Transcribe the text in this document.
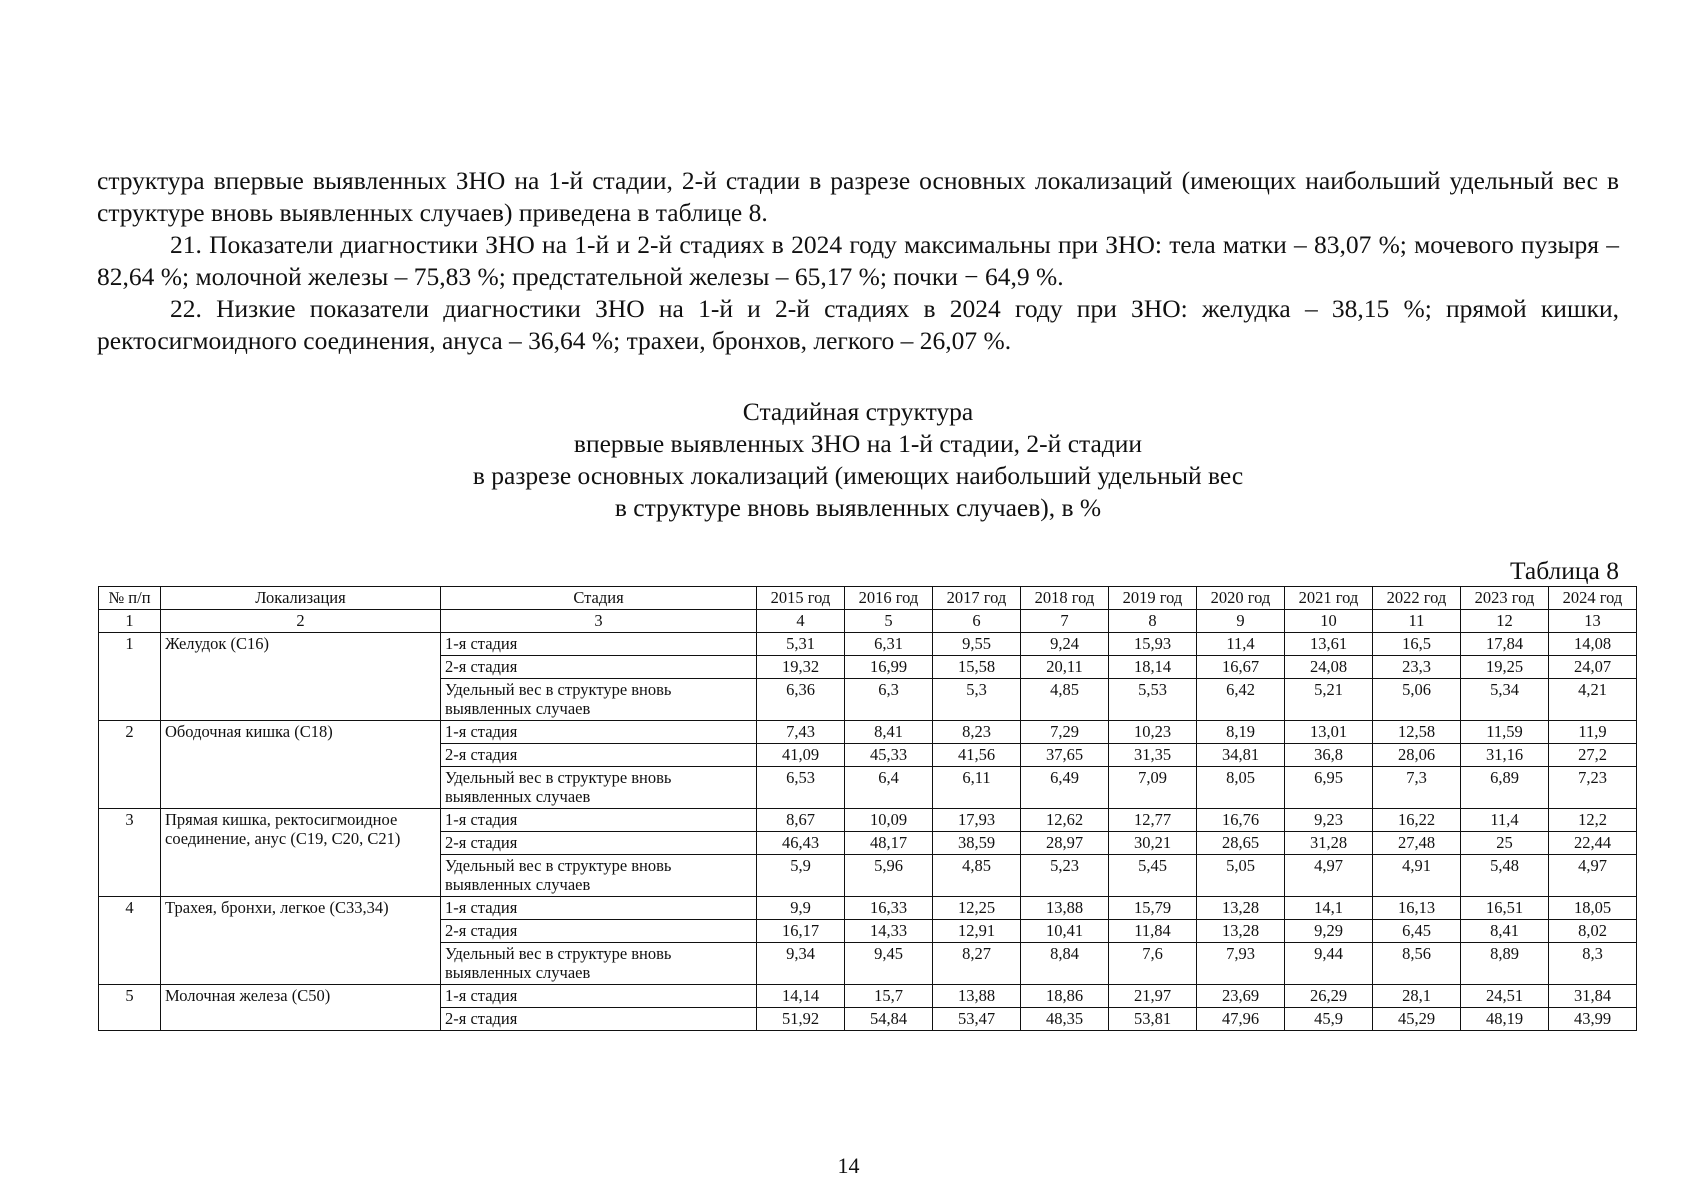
структура впервые выявленных ЗНО на 1-й стадии, 2-й стадии в разрезе основных локализаций (имеющих наибольший удельный вес в структуре вновь выявленных случаев) приведена в таблице 8.

21. Показатели диагностики ЗНО на 1-й и 2-й стадиях в 2024 году максимальны при ЗНО: тела матки – 83,07 %; мочевого пузыря – 82,64 %; молочной железы – 75,83 %; предстательной железы – 65,17 %; почки − 64,9 %.

22. Низкие показатели диагностики ЗНО на 1-й и 2-й стадиях в 2024 году при ЗНО: желудка – 38,15 %; прямой кишки, ректосигмоидного соединения, ануса – 36,64 %; трахеи, бронхов, легкого – 26,07 %.

Стадийная структура
впервые выявленных ЗНО на 1-й стадии, 2-й стадии
в разрезе основных локализаций (имеющих наибольший удельный вес
в структуре вновь выявленных случаев), в %
Таблица 8
№ п/п	Локализация	Стадия	2015 год	2016 год	2017 год	2018 год	2019 год	2020 год	2021 год	2022 год	2023 год	2024 год
1	2	3	4	5	6	7	8	9	10	11	12	13
1	Желудок (С16)	1-я стадия	5,31	6,31	9,55	9,24	15,93	11,4	13,61	16,5	17,84	14,08
		2-я стадия	19,32	16,99	15,58	20,11	18,14	16,67	24,08	23,3	19,25	24,07
		Удельный вес в структуре вновь выявленных случаев	6,36	6,3	5,3	4,85	5,53	6,42	5,21	5,06	5,34	4,21
2	Ободочная кишка (С18)	1-я стадия	7,43	8,41	8,23	7,29	10,23	8,19	13,01	12,58	11,59	11,9
		2-я стадия	41,09	45,33	41,56	37,65	31,35	34,81	36,8	28,06	31,16	27,2
		Удельный вес в структуре вновь выявленных случаев	6,53	6,4	6,11	6,49	7,09	8,05	6,95	7,3	6,89	7,23
3	Прямая кишка, ректосигмоидное соединение, анус (С19, С20, С21)	1-я стадия	8,67	10,09	17,93	12,62	12,77	16,76	9,23	16,22	11,4	12,2
		2-я стадия	46,43	48,17	38,59	28,97	30,21	28,65	31,28	27,48	25	22,44
		Удельный вес в структуре вновь выявленных случаев	5,9	5,96	4,85	5,23	5,45	5,05	4,97	4,91	5,48	4,97
4	Трахея, бронхи, легкое (С33,34)	1-я стадия	9,9	16,33	12,25	13,88	15,79	13,28	14,1	16,13	16,51	18,05
		2-я стадия	16,17	14,33	12,91	10,41	11,84	13,28	9,29	6,45	8,41	8,02
		Удельный вес в структуре вновь выявленных случаев	9,34	9,45	8,27	8,84	7,6	7,93	9,44	8,56	8,89	8,3
5	Молочная железа (С50)	1-я стадия	14,14	15,7	13,88	18,86	21,97	23,69	26,29	28,1	24,51	31,84
		2-я стадия	51,92	54,84	53,47	48,35	53,81	47,96	45,9	45,29	48,19	43,99
14
